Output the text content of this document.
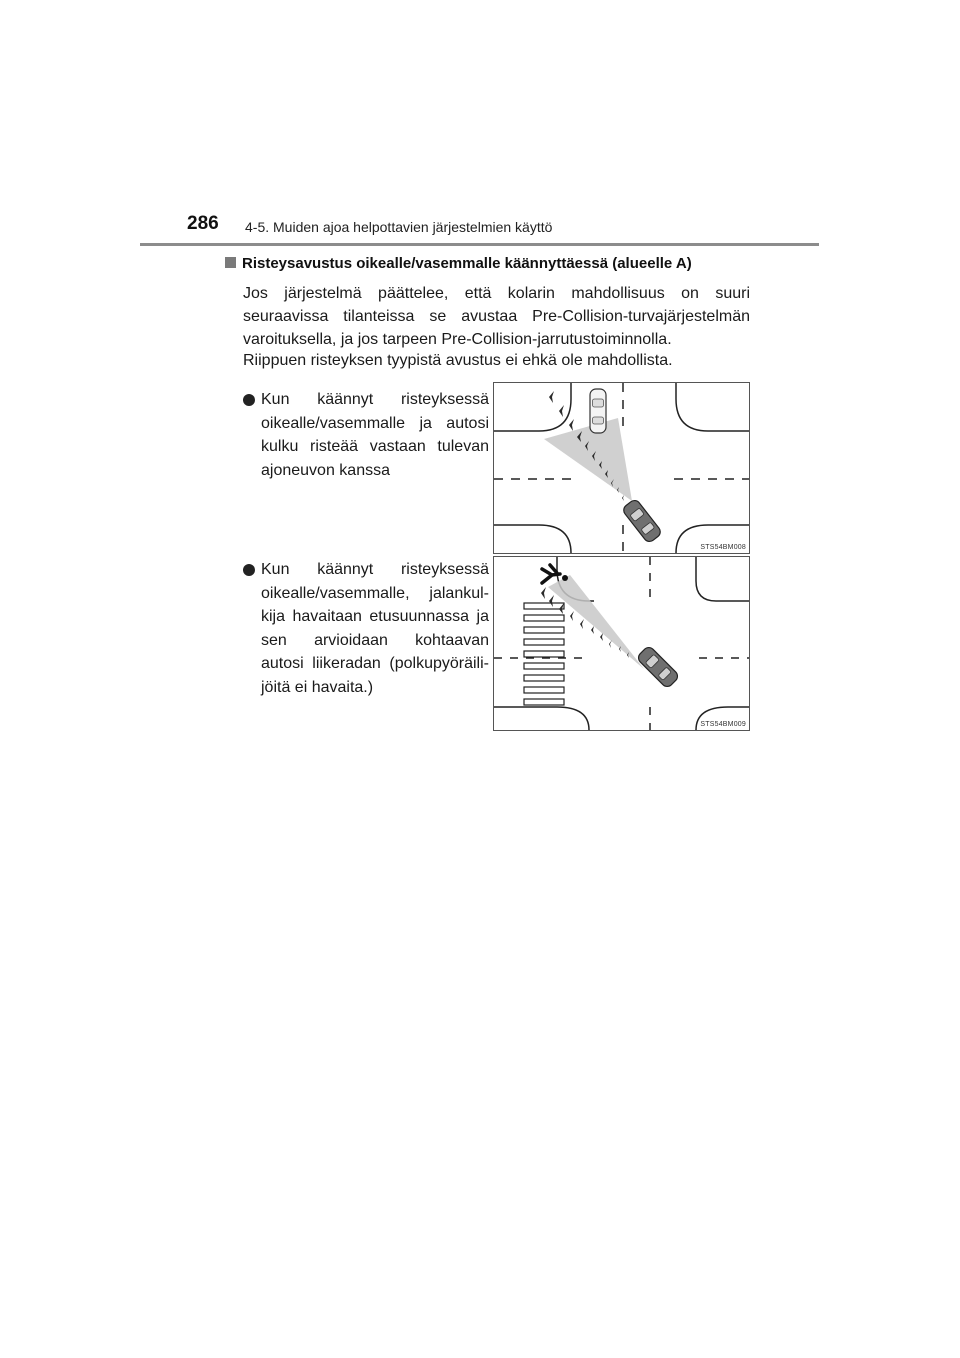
286 4-5. Muiden ajoa helpottavien järjestelmien käyttö
Risteysavustus oikealle/vasemmalle käännyttäessä (alueelle A)
Jos järjestelmä päättelee, että kolarin mahdollisuus on suuri seuraavissa tilanteissa se avustaa Pre-Collision-turvajärjestelmän varoituksella, ja jos tarpeen Pre-Collision-jarrutustoiminnolla.
Riippuen risteyksen tyypistä avustus ei ehkä ole mahdollista.
Kun käännyt risteyksessä oikealle/vasemmalle ja autosi kulku risteää vastaan tulevan ajoneuvon kanssa
Kun käännyt risteyksessä oikealle/vasemmalle, jalankul-kija havaitaan etusuunnassa ja sen arvioidaan kohtaavan autosi liikeradan (polkupyöräili-jöitä ei havaita.)
STS54BM008
STS54BM009
